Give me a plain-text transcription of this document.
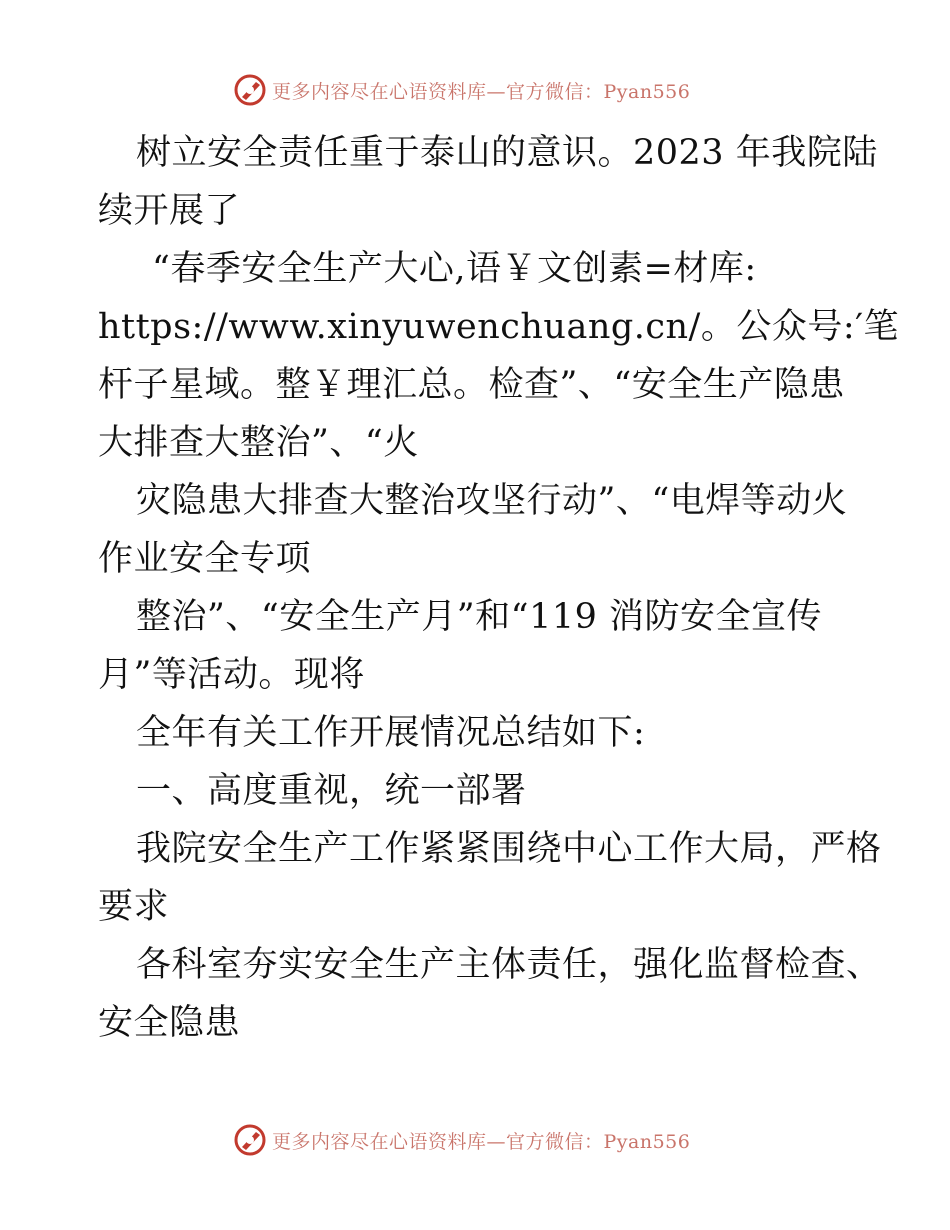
更多内容尽在心语资料库—官方微信：Pyan556
树立安全责任重于泰山的意识。2023 年我院陆
续开展了
“春季安全生产大心,语￥文创素=材库:
https://www.xinyuwenchuang.cn/。公众号:′笔
杆子星域。整￥理汇总。检查”、“安全生产隐患
大排查大整治”、“火
灾隐患大排查大整治攻坚行动”、“电焊等动火
作业安全专项
整治”、“安全生产月”和“119 消防安全宣传
月”等活动。现将
全年有关工作开展情况总结如下:
一、高度重视，统一部署
我院安全生产工作紧紧围绕中心工作大局，严格
要求
各科室夯实安全生产主体责任，强化监督检查、
安全隐患
更多内容尽在心语资料库—官方微信：Pyan556
